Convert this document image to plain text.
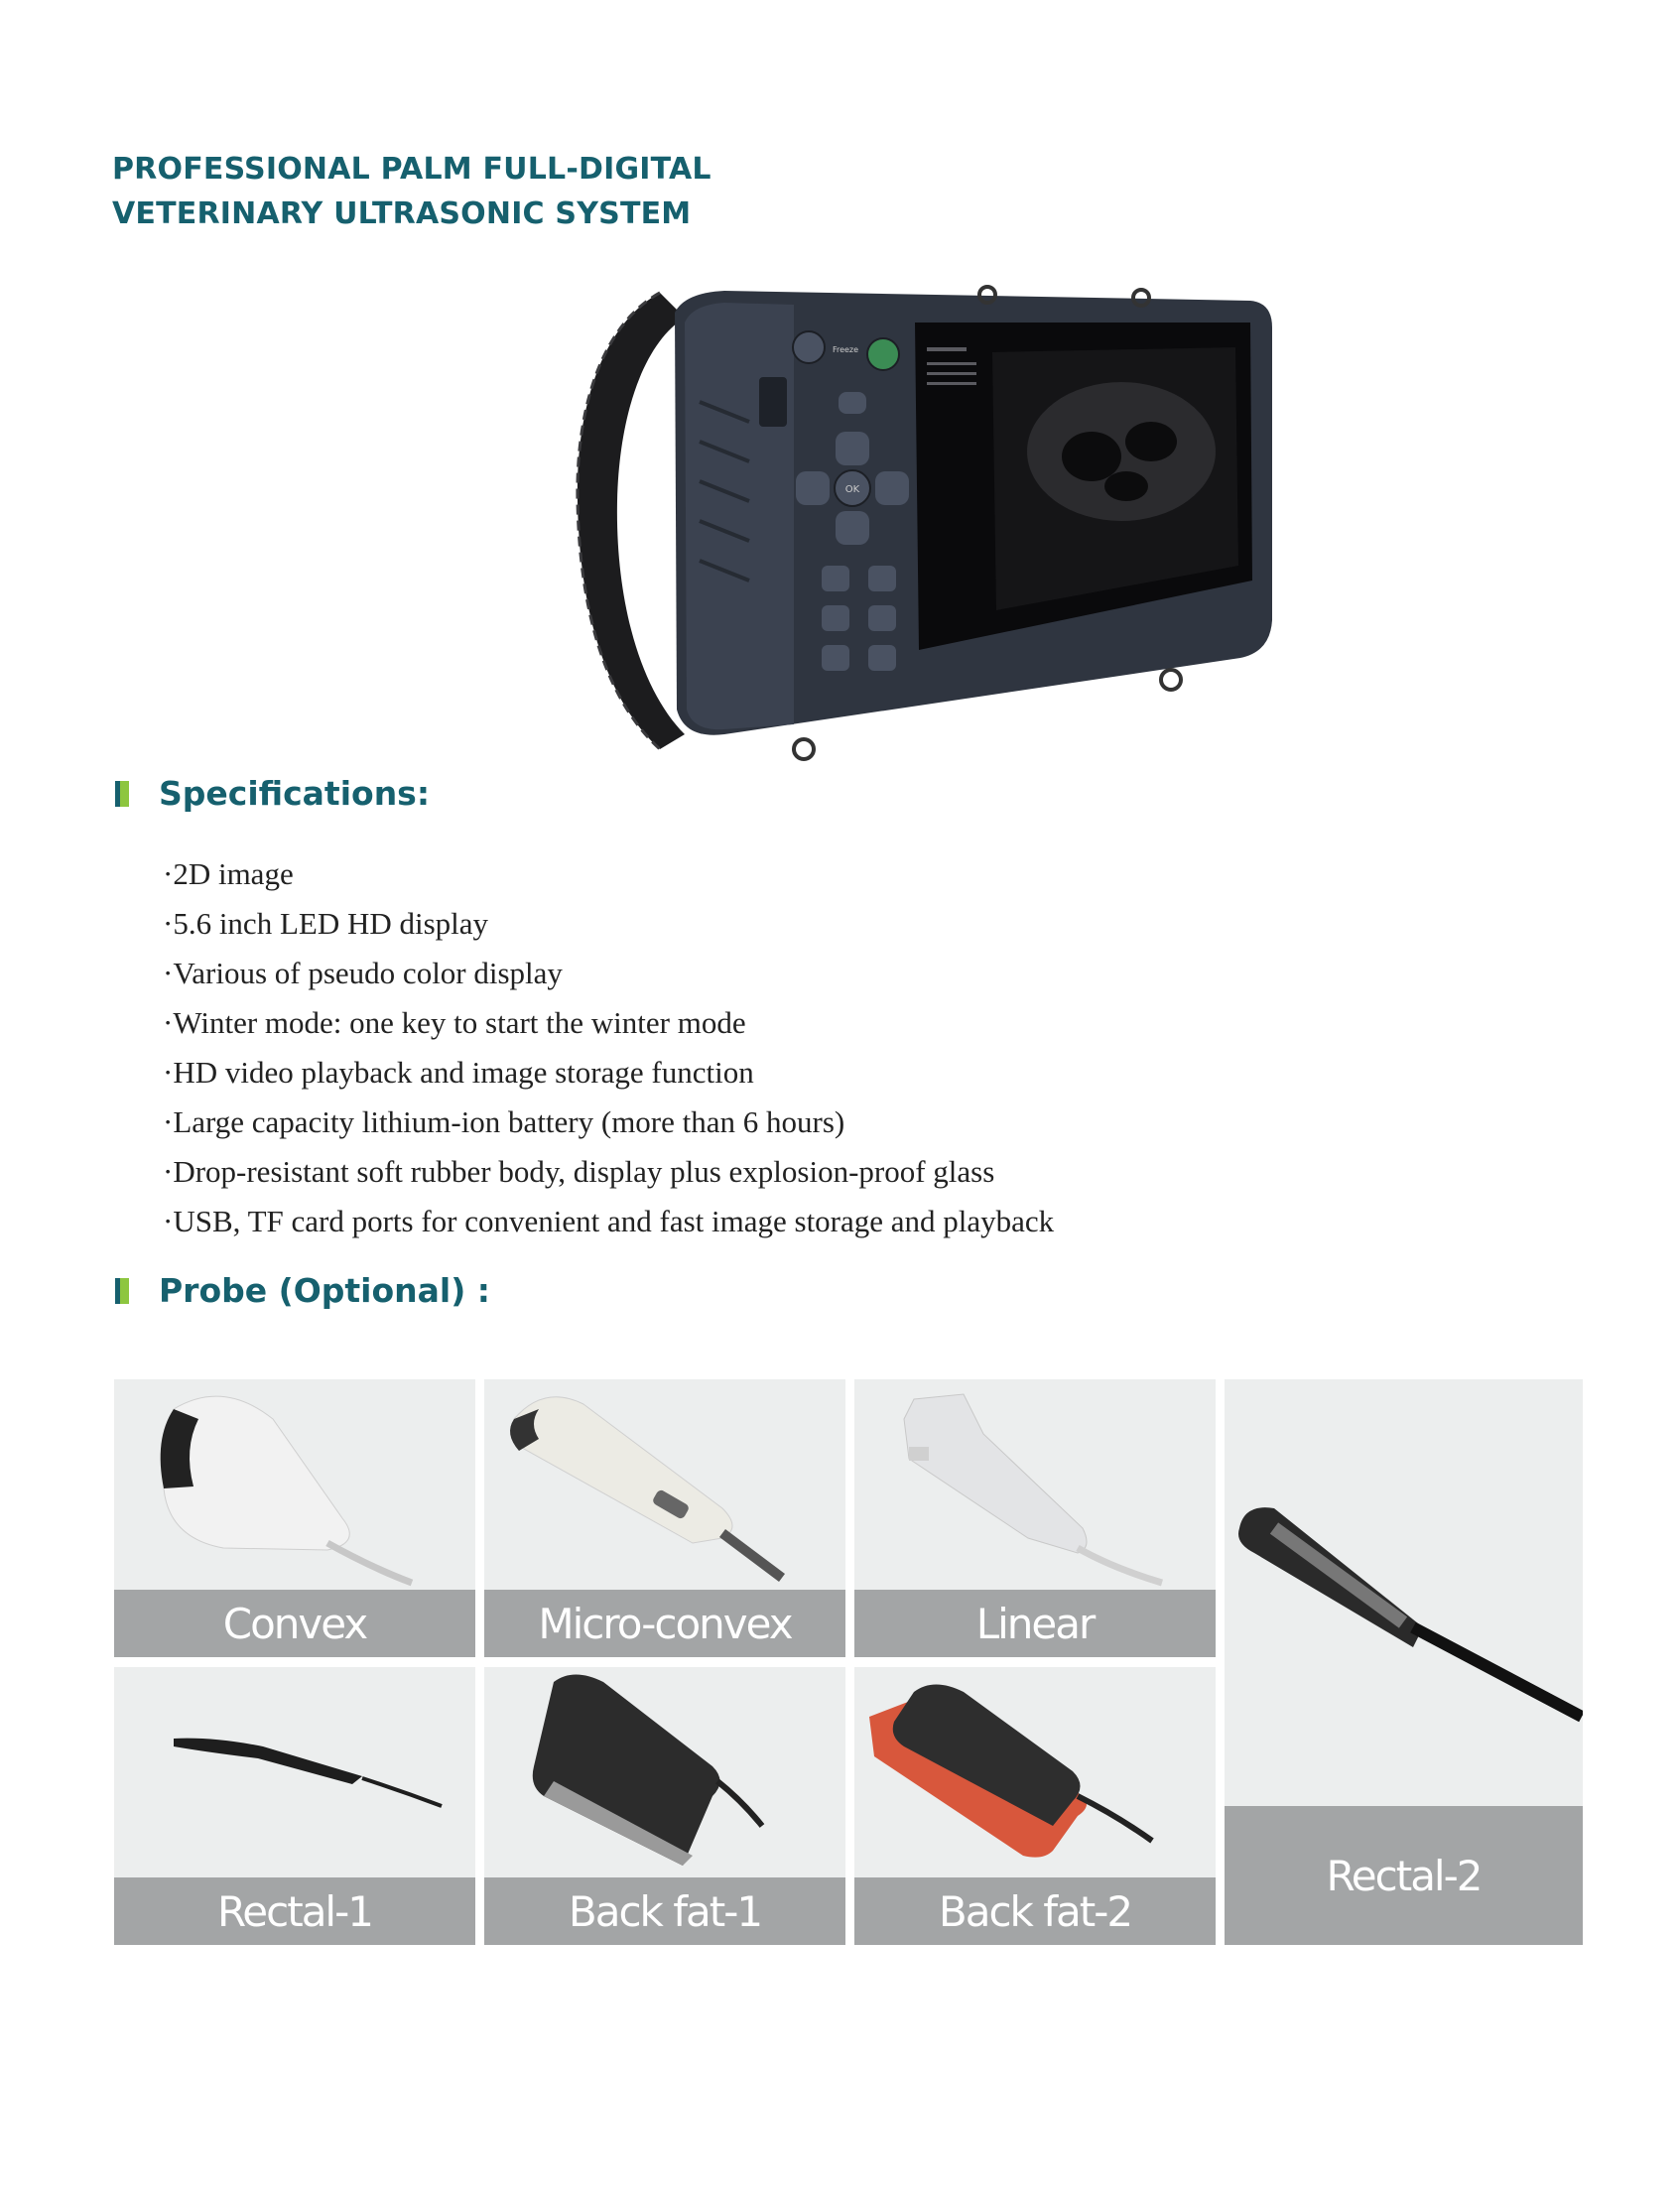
PROFESSIONAL PALM FULL-DIGITAL
VETERINARY ULTRASONIC SYSTEM
Freeze
OK
Specifications:
·2D image
·5.6 inch LED HD display
·Various of pseudo color display
·Winter mode: one key to start the winter mode
·HD video playback and image storage function
·Large capacity lithium-ion battery (more than 6 hours)
·Drop-resistant soft rubber body, display plus explosion-proof glass
·USB, TF card ports for convenient and fast image storage and playback
Probe (Optional) :
Convex	Micro-convex	Linear
Rectal-2
Rectal-1	Back fat-1	Back fat-2
